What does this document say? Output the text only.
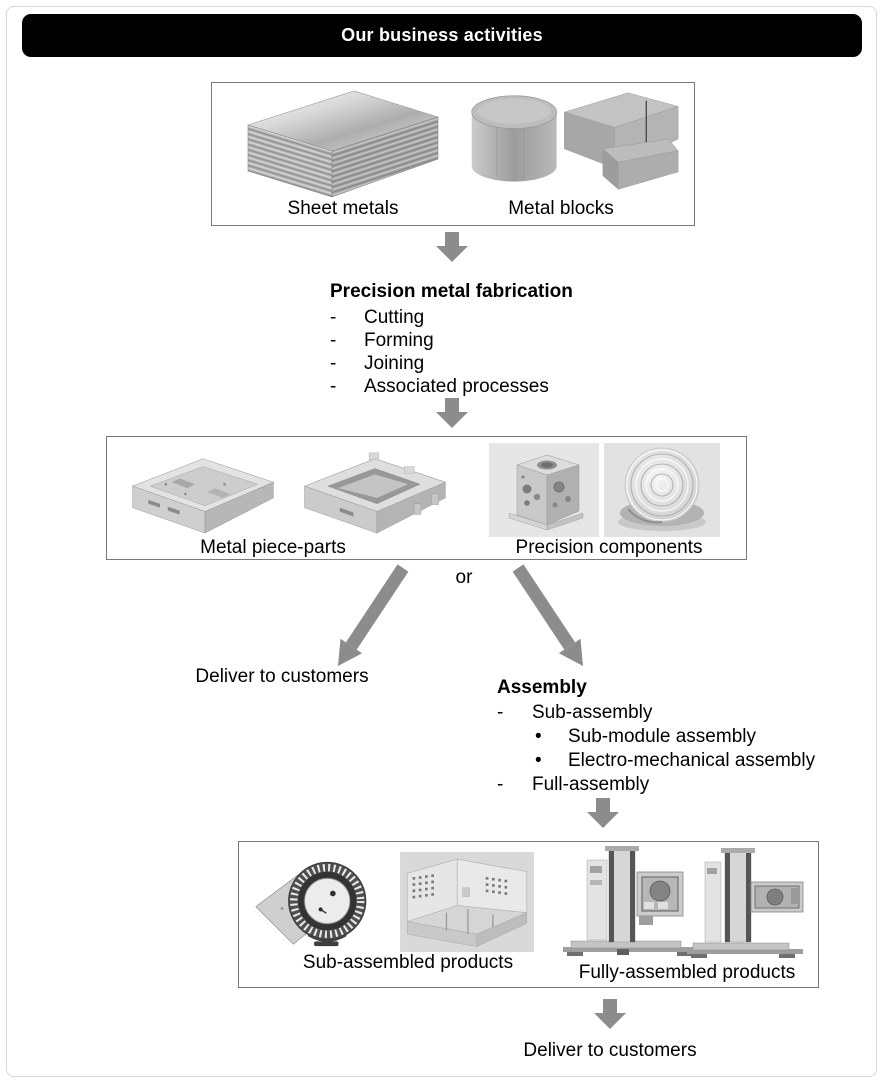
Our business activities
Sheet metals	Metal blocks
Precision metal fabrication
-	Cutting
-	Forming
-	Joining
-	Associated processes
Metal piece-parts	Precision components
or
Deliver to customers
Assembly
-	Sub-assembly
•	Sub-module assembly
•	Electro-mechanical assembly
-	Full-assembly
Sub-assembled products	Fully-assembled products
Deliver to customers
